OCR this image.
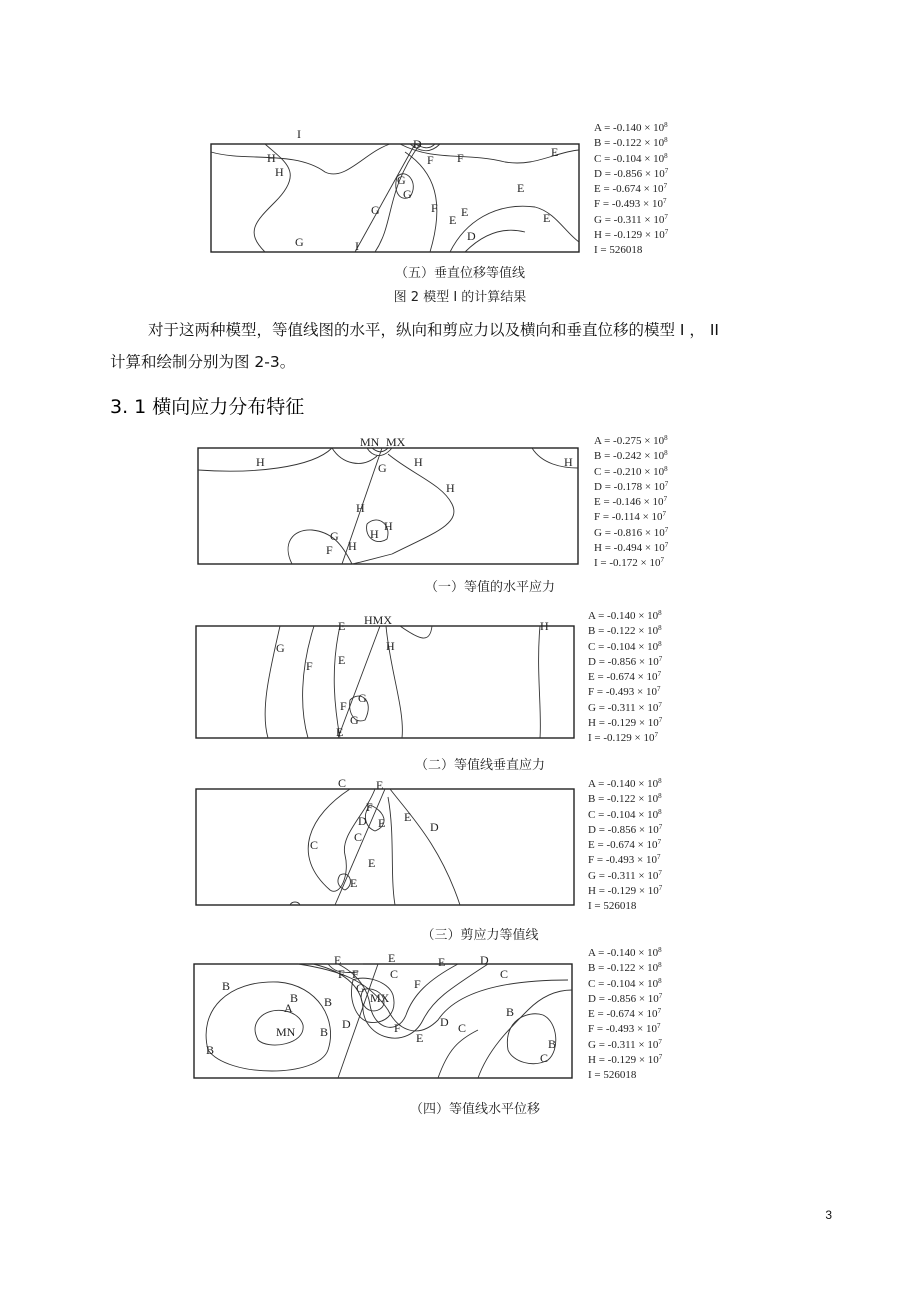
I
D
F F	E
H
H
G
G
G	F
E
E	E
E
D
G	I
$A = -0.140 \times 10^8$
$B = -0.122 \times 10^8$
$C = -0.104 \times 10^8$
$D = -0.856 \times 10^7$
$E = -0.674 \times 10^7$
$F = -0.493 \times 10^7$
$G = -0.311 \times 10^7$
$H = -0.129 \times 10^7$
I = 526018
（五）垂直位移等值线
图 2 模型 I 的计算结果
对于这两种模型，等值线图的水平，纵向和剪应力以及横向和垂直位移的模型 I ， II
计算和绘制分别为图 2-3。
3. 1 横向应力分布特征
MN MX
H	H
G	H
H
H
H
H
G
F H
$A = -0.275 \times 10^8$
$B = -0.242 \times 10^8$
$C = -0.210 \times 10^8$
$D = -0.178 \times 10^7$
$E = -0.146 \times 10^7$
$F = -0.114 \times 10^7$
$G = -0.816 \times 10^7$
$H = -0.494 \times 10^7$
$I = -0.172 \times 10^7$
（一）等值的水平应力
E HMX	H
G
F E
H
G
F
G
E
$A = -0.140 \times 10^8$
$B = -0.122 \times 10^8$
$C = -0.104 \times 10^8$
$D = -0.856 \times 10^7$
$E = -0.674 \times 10^7$
$F = -0.493 \times 10^7$
$G = -0.311 \times 10^7$
$H = -0.129 \times 10^7$
$I = -0.129 \times 10^7$
（二）等值线垂直应力
C E
F
D E E
D
C
C
E
E
$A = -0.140 \times 10^8$
$B = -0.122 \times 10^8$
$C = -0.104 \times 10^8$
$D = -0.856 \times 10^7$
$E = -0.674 \times 10^7$
$F = -0.493 \times 10^7$
$G = -0.311 \times 10^7$
$H = -0.129 \times 10^7$
I = 526018
（三）剪应力等值线
E	E	E	D
F F	C	C
B
B
A
MN
MX
B
B
D	F	D C
B
B
G
E
F
B
C
$A = -0.140 \times 10^8$
$B = -0.122 \times 10^8$
$C = -0.104 \times 10^8$
$D = -0.856 \times 10^7$
$E = -0.674 \times 10^7$
$F = -0.493 \times 10^7$
$G = -0.311 \times 10^7$
$H = -0.129 \times 10^7$
I = 526018
（四）等值线水平位移
3
